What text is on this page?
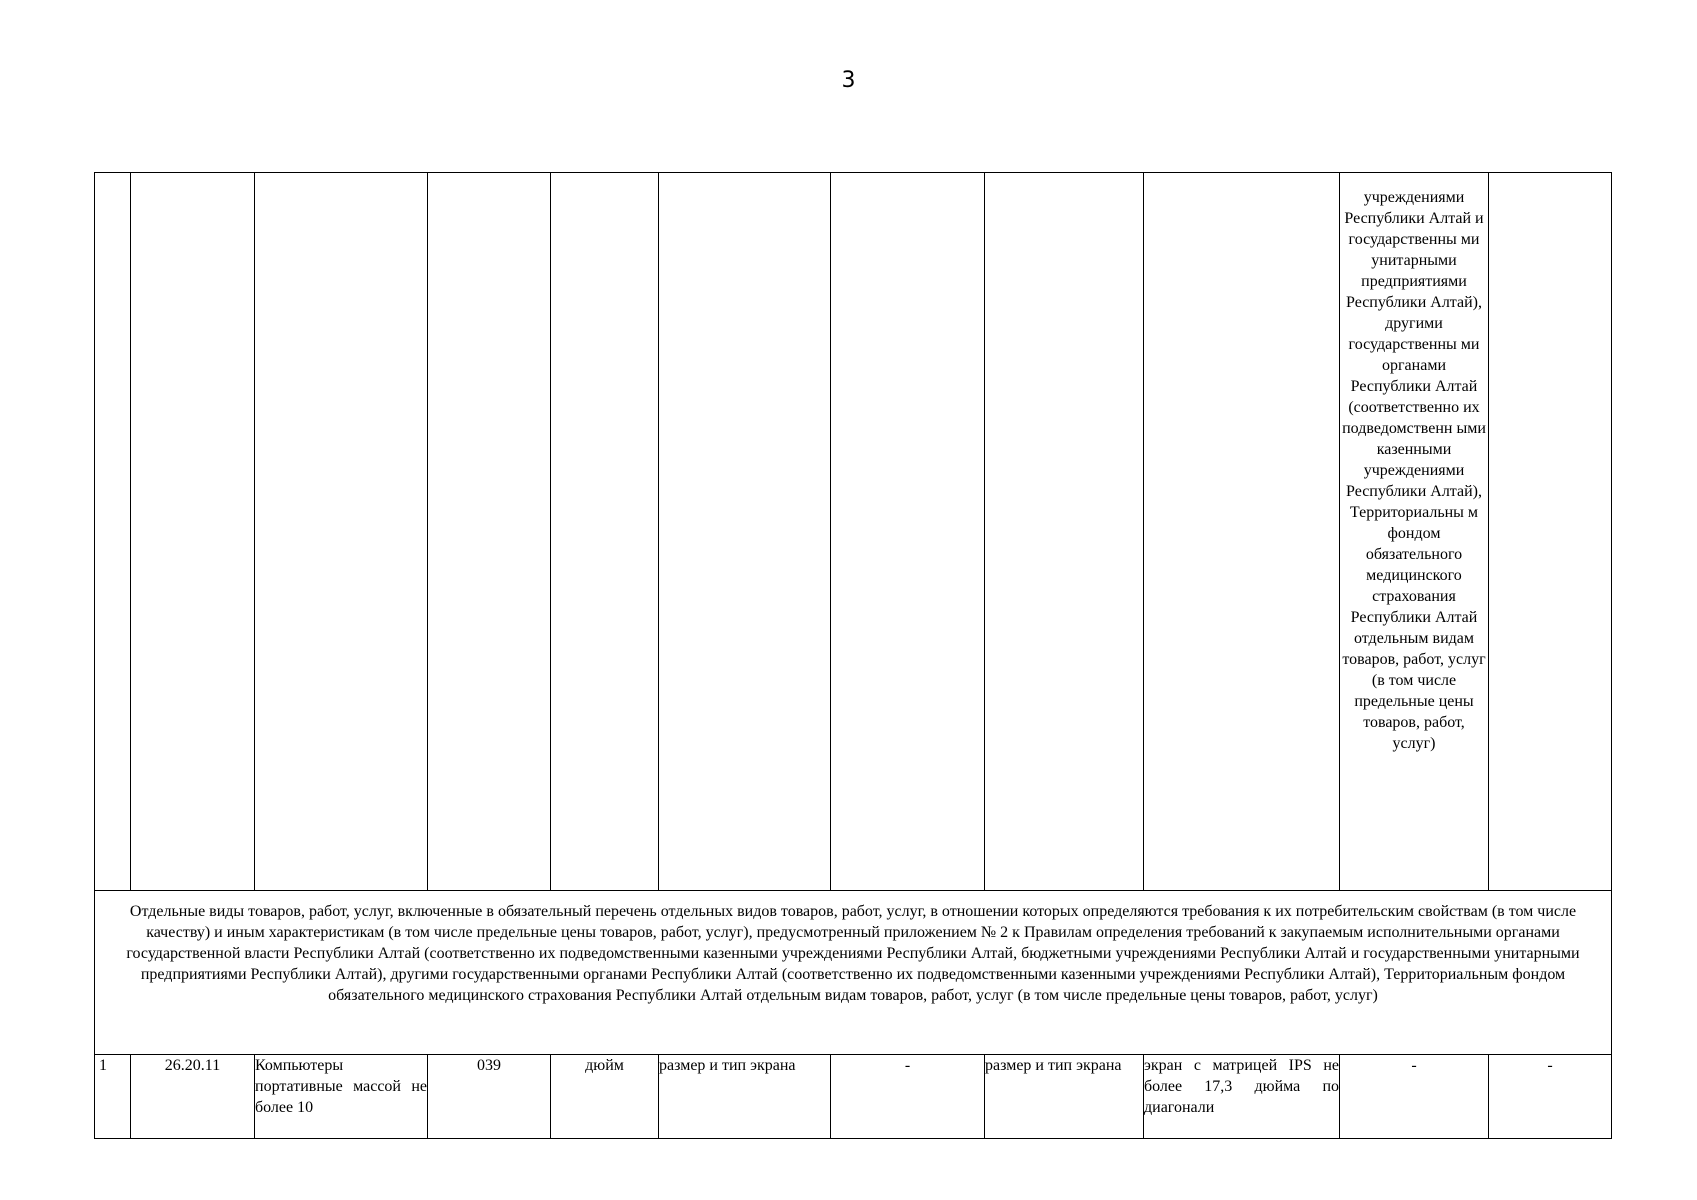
3

									учреждениями Республики Алтай и государственны ми унитарными предприятиями Республики Алтай), другими государственны ми органами Республики Алтай (соответственно их подведомственн ыми казенными учреждениями Республики Алтай), Территориальны м фондом обязательного медицинского страхования Республики Алтай отдельным видам товаров, работ, услуг (в том числе предельные цены товаров, работ, услуг)	

Отдельные виды товаров, работ, услуг, включенные в обязательный перечень отдельных видов товаров, работ, услуг, в отношении которых определяются требования к их потребительским свойствам (в том числе качеству) и иным характеристикам (в том числе предельные цены товаров, работ, услуг), предусмотренный приложением № 2 к Правилам определения требований к закупаемым исполнительными органами государственной власти Республики Алтай (соответственно их подведомственными казенными учреждениями Республики Алтай, бюджетными учреждениями Республики Алтай и государственными унитарными предприятиями Республики Алтай), другими государственными органами Республики Алтай (соответственно их подведомственными казенными учреждениями Республики Алтай), Территориальным фондом обязательного медицинского страхования Республики Алтай отдельным видам товаров, работ, услуг (в том числе предельные цены товаров, работ, услуг)										
1	26.20.11	Компьютеры портативные массой не более 10	039	дюйм	размер и тип экрана	-	размер и тип экрана	экран с матрицей IPS не более 17,3 дюйма по диагонали	-	-
